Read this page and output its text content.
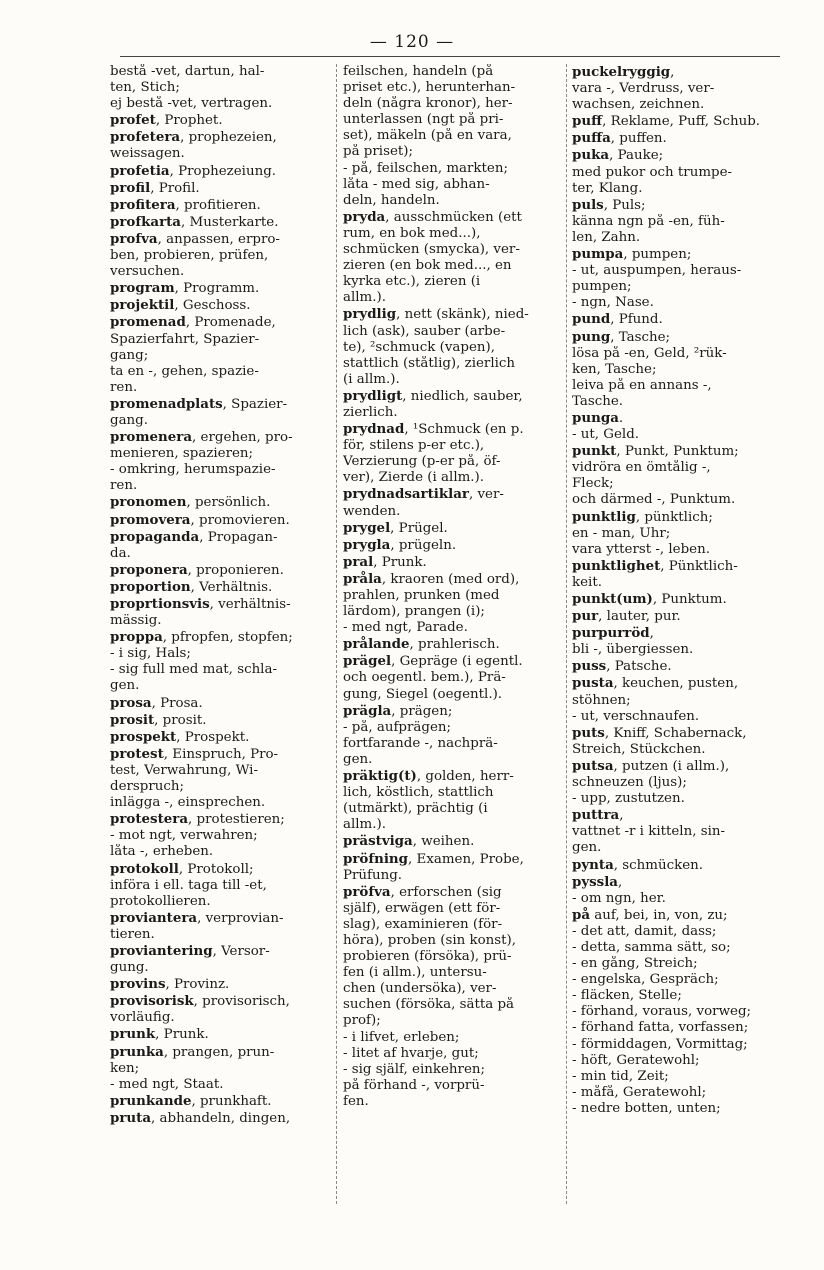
— 120 —
bestå -vet, dartun, hal-
ten, Stich;
ej bestå -vet, vertragen.
profet, Prophet.
profetera, prophezeien,
weissagen.
profetia, Prophezeiung.
profil, Profil.
profitera, profitieren.
profkarta, Musterkarte.
profva, anpassen, erpro-
ben, probieren, prüfen,
versuchen.
program, Programm.
projektil, Geschoss.
promenad, Promenade,
Spazierfahrt, Spazier-
gang;
ta en -, gehen, spazie-
ren.
promenadplats, Spazier-
gang.
promenera, ergehen, pro-
menieren, spazieren;
- omkring, herumspazie-
ren.
pronomen, persönlich.
promovera, promovieren.
propaganda, Propagan-
da.
proponera, proponieren.
proportion, Verhältnis.
proprtionsvis, verhältnis-
mässig.
proppa, pfropfen, stopfen;
- i sig, Hals;
- sig full med mat, schla-
gen.
prosa, Prosa.
prosit, prosit.
prospekt, Prospekt.
protest, Einspruch, Pro-
test, Verwahrung, Wi-
derspruch;
inlägga -, einsprechen.
protestera, protestieren;
- mot ngt, verwahren;
låta -, erheben.
protokoll, Protokoll;
införa i ell. taga till -et,
protokollieren.
proviantera, verprovian-
tieren.
proviantering, Versor-
gung.
provins, Provinz.
provisorisk, provisorisch,
vorläufig.
prunk, Prunk.
prunka, prangen, prun-
ken;
- med ngt, Staat.
prunkande, prunkhaft.
pruta, abhandeln, dingen,
feilschen, handeln (på
priset etc.), herunterhan-
deln (några kronor), her-
unterlassen (ngt på pri-
set), mäkeln (på en vara,
på priset);
- på, feilschen, markten;
låta - med sig, abhan-
deln, handeln.
pryda, ausschmücken (ett
rum, en bok med...),
schmücken (smycka), ver-
zieren (en bok med..., en
kyrka etc.), zieren (i
allm.).
prydlig, nett (skänk), nied-
lich (ask), sauber (arbe-
te), ²schmuck (vapen),
stattlich (ståtlig), zierlich
(i allm.).
prydligt, niedlich, sauber,
zierlich.
prydnad, ¹Schmuck (en p.
för, stilens p-er etc.),
Verzierung (p-er på, öf-
ver), Zierde (i allm.).
prydnadsartiklar, ver-
wenden.
prygel, Prügel.
prygla, prügeln.
pral, Prunk.
pråla, kraoren (med ord),
prahlen, prunken (med
lärdom), prangen (i);
- med ngt, Parade.
prålande, prahlerisch.
prägel, Gepräge (i egentl.
och oegentl. bem.), Prä-
gung, Siegel (oegentl.).
prägla, prägen;
- på, aufprägen;
fortfarande -, nachprä-
gen.
präktig(t), golden, herr-
lich, köstlich, stattlich
(utmärkt), prächtig (i
allm.).
prästviga, weihen.
pröfning, Examen, Probe,
Prüfung.
pröfva, erforschen (sig
själf), erwägen (ett för-
slag), examinieren (för-
höra), proben (sin konst),
probieren (försöka), prü-
fen (i allm.), untersu-
chen (undersöka), ver-
suchen (försöka, sätta på
prof);
- i lifvet, erleben;
- litet af hvarje, gut;
- sig själf, einkehren;
på förhand -, vorprü-
fen.
puckelryggig,
vara -, Verdruss, ver-
wachsen, zeichnen.
puff, Reklame, Puff, Schub.
puffa, puffen.
puka, Pauke;
med pukor och trumpe-
ter, Klang.
puls, Puls;
känna ngn på -en, füh-
len, Zahn.
pumpa, pumpen;
- ut, auspumpen, heraus-
pumpen;
- ngn, Nase.
pund, Pfund.
pung, Tasche;
lösa på -en, Geld, ²rük-
ken, Tasche;
leiva på en annans -,
Tasche.
punga.
- ut, Geld.
punkt, Punkt, Punktum;
vidröra en ömtålig -,
Fleck;
och därmed -, Punktum.
punktlig, pünktlich;
en - man, Uhr;
vara ytterst -, leben.
punktlighet, Pünktlich-
keit.
punkt(um), Punktum.
pur, lauter, pur.
purpurröd,
bli -, übergiessen.
puss, Patsche.
pusta, keuchen, pusten,
stöhnen;
- ut, verschnaufen.
puts, Kniff, Schabernack,
Streich, Stückchen.
putsa, putzen (i allm.),
schneuzen (ljus);
- upp, zustutzen.
puttra,
vattnet -r i kitteln, sin-
gen.
pynta, schmücken.
pyssla,
- om ngn, her.
på auf, bei, in, von, zu;
- det att, damit, dass;
- detta, samma sätt, so;
- en gång, Streich;
- engelska, Gespräch;
- fläcken, Stelle;
- förhand, voraus, vorweg;
- förhand fatta, vorfassen;
- förmiddagen, Vormittag;
- höft, Geratewohl;
- min tid, Zeit;
- måfå, Geratewohl;
- nedre botten, unten;
